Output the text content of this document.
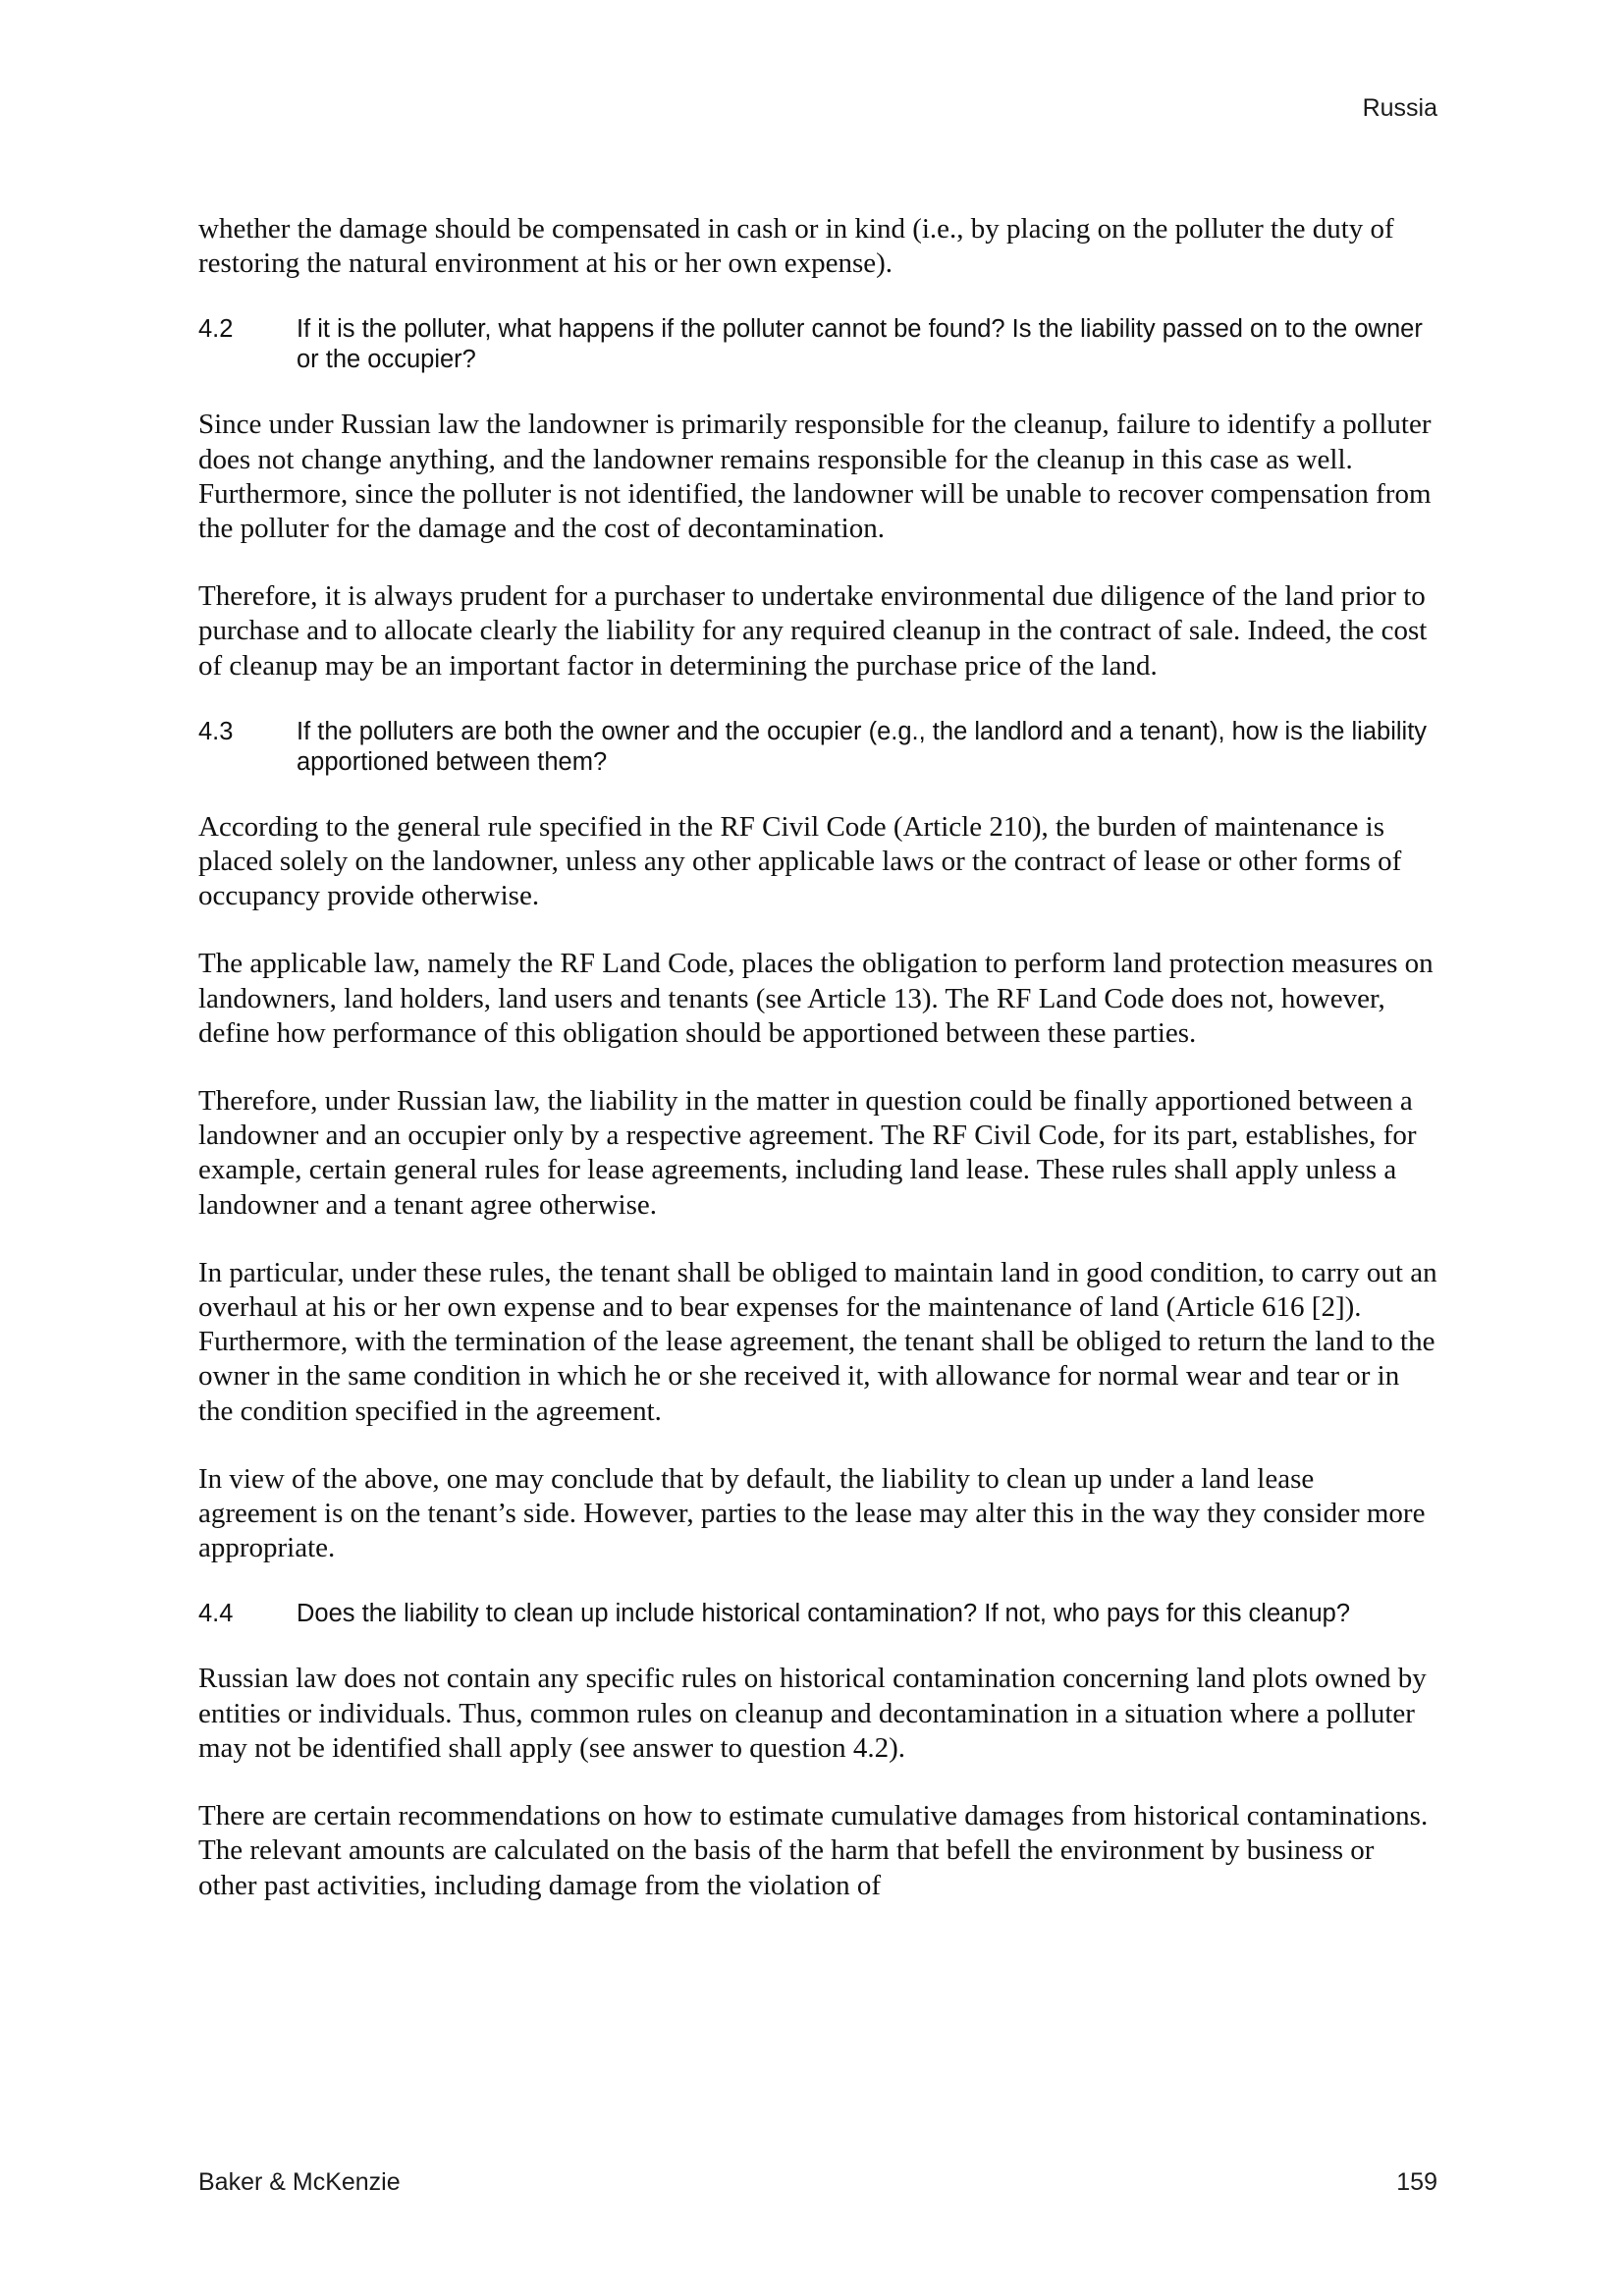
Russia

whether the damage should be compensated in cash or in kind (i.e., by placing on the polluter the duty of restoring the natural environment at his or her own expense).

4.2	If it is the polluter, what happens if the polluter cannot be found? Is the liability passed on to the owner or the occupier?

Since under Russian law the landowner is primarily responsible for the cleanup, failure to identify a polluter does not change anything, and the landowner remains responsible for the cleanup in this case as well. Furthermore, since the polluter is not identified, the landowner will be unable to recover compensation from the polluter for the damage and the cost of decontamination.

Therefore, it is always prudent for a purchaser to undertake environmental due diligence of the land prior to purchase and to allocate clearly the liability for any required cleanup in the contract of sale. Indeed, the cost of cleanup may be an important factor in determining the purchase price of the land.

4.3	If the polluters are both the owner and the occupier (e.g., the landlord and a tenant), how is the liability apportioned between them?

According to the general rule specified in the RF Civil Code (Article 210), the burden of maintenance is placed solely on the landowner, unless any other applicable laws or the contract of lease or other forms of occupancy provide otherwise.

The applicable law, namely the RF Land Code, places the obligation to perform land protection measures on landowners, land holders, land users and tenants (see Article 13). The RF Land Code does not, however, define how performance of this obligation should be apportioned between these parties.

Therefore, under Russian law, the liability in the matter in question could be finally apportioned between a landowner and an occupier only by a respective agreement. The RF Civil Code, for its part, establishes, for example, certain general rules for lease agreements, including land lease. These rules shall apply unless a landowner and a tenant agree otherwise.

In particular, under these rules, the tenant shall be obliged to maintain land in good condition, to carry out an overhaul at his or her own expense and to bear expenses for the maintenance of land (Article 616 [2]). Furthermore, with the termination of the lease agreement, the tenant shall be obliged to return the land to the owner in the same condition in which he or she received it, with allowance for normal wear and tear or in the condition specified in the agreement.

In view of the above, one may conclude that by default, the liability to clean up under a land lease agreement is on the tenant’s side. However, parties to the lease may alter this in the way they consider more appropriate.

4.4	Does the liability to clean up include historical contamination? If not, who pays for this cleanup?

Russian law does not contain any specific rules on historical contamination concerning land plots owned by entities or individuals. Thus, common rules on cleanup and decontamination in a situation where a polluter may not be identified shall apply (see answer to question 4.2).

There are certain recommendations on how to estimate cumulative damages from historical contaminations. The relevant amounts are calculated on the basis of the harm that befell the environment by business or other past activities, including damage from the violation of

Baker & McKenzie	159
